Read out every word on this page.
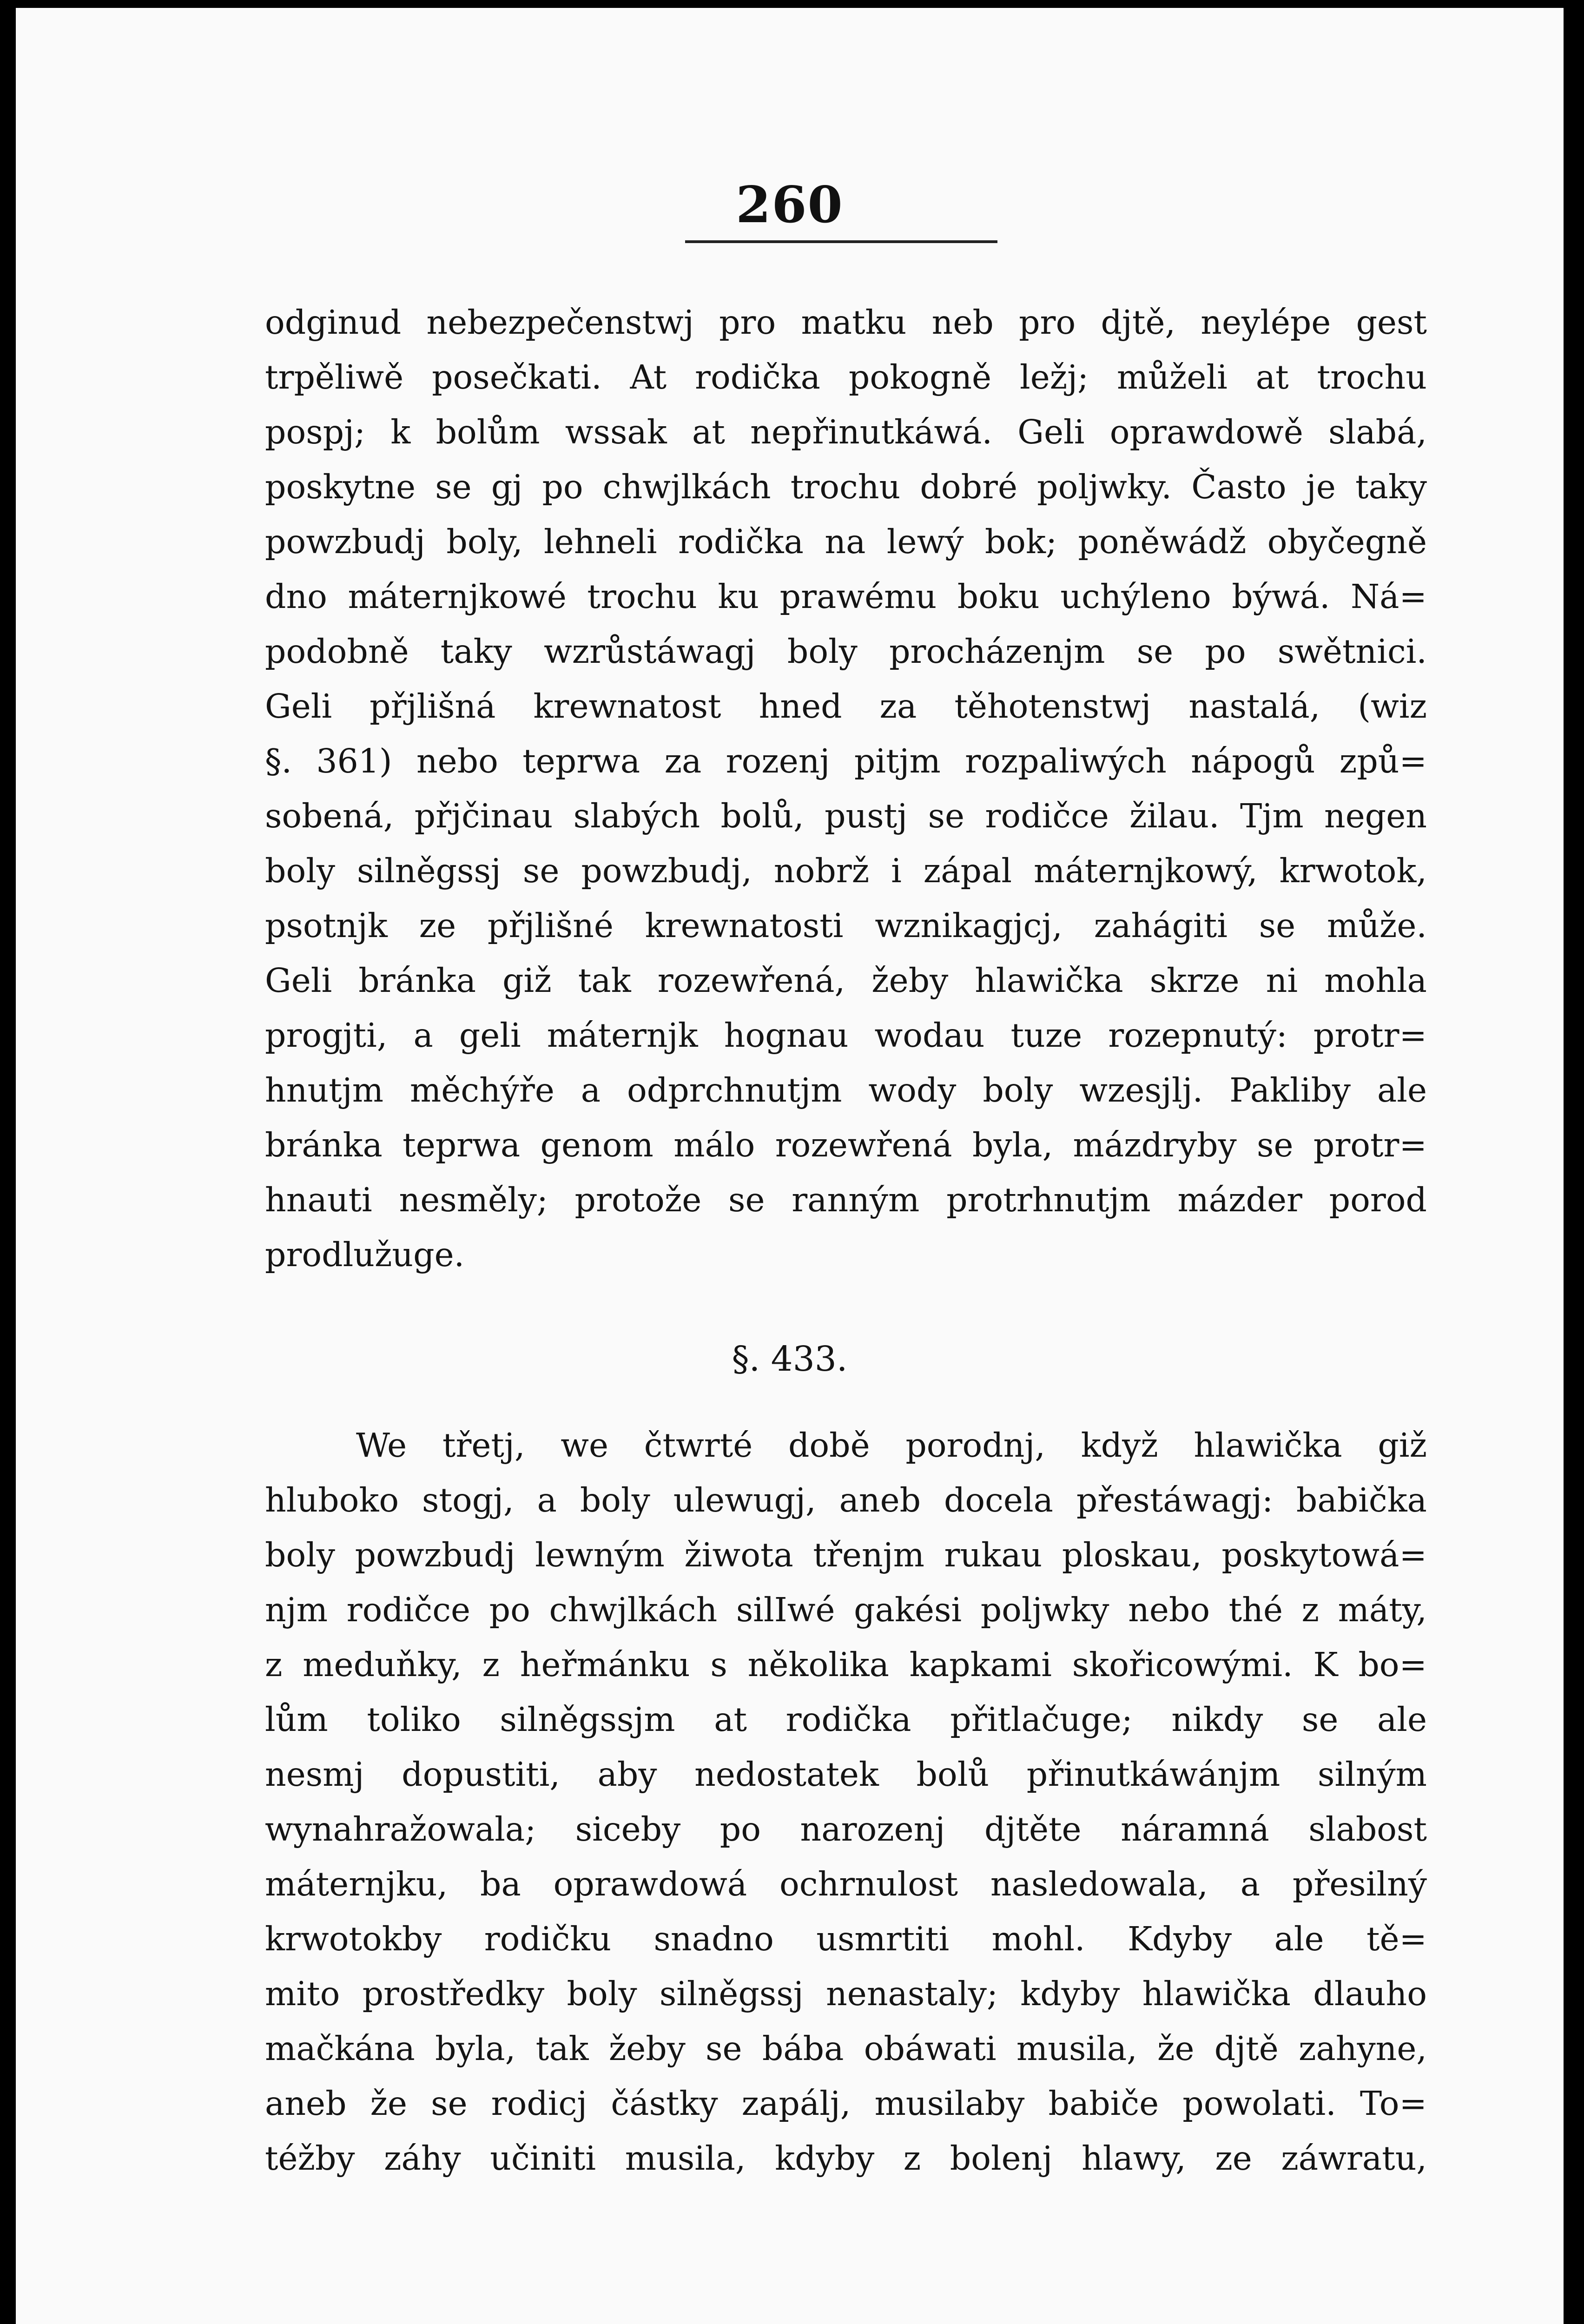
260
odginud nebezpečenstwj pro matku neb pro djtě, neylépe gest
trpěliwě posečkati. At rodička pokogně ležj; můželi at trochu
pospj; k bolům wssak at nepřinutkáwá. Geli oprawdowě slabá,
poskytne se gj po chwjlkách trochu dobré poljwky. Často je taky
powzbudj boly, lehneli rodička na lewý bok; poněwádž obyčegně
dno máternjkowé trochu ku prawému boku uchýleno býwá. Ná=
podobně taky wzrůstáwagj boly procházenjm se po swětnici.
Geli přjlišná krewnatost hned za těhotenstwj nastalá, (wiz
§. 361) nebo teprwa za rozenj pitjm rozpaliwých nápogů způ=
sobená, přjčinau slabých bolů, pustj se rodičce žilau. Tjm negen
boly silněgssj se powzbudj, nobrž i zápal máternjkowý, krwotok,
psotnjk ze přjlišné krewnatosti wznikagjcj, zahágiti se může.
Geli bránka giž tak rozewřená, žeby hlawička skrze ni mohla
progjti, a geli máternjk hognau wodau tuze rozepnutý: protr=
hnutjm měchýře a odprchnutjm wody boly wzesjlj. Pakliby ale
bránka teprwa genom málo rozewřená byla, mázdryby se protr=
hnauti nesměly; protože se ranným protrhnutjm mázder porod
prodlužuge.
§. 433.
We třetj, we čtwrté době porodnj, když hlawička giž
hluboko stogj, a boly ulewugj, aneb docela přestáwagj: babička
boly powzbudj lewným žiwota třenjm rukau ploskau, poskytowá=
njm rodičce po chwjlkách silIwé gakési poljwky nebo thé z máty,
z meduňky, z heřmánku s několika kapkami skořicowými. K bo=
lům toliko silněgssjm at rodička přitlačuge; nikdy se ale
nesmj dopustiti, aby nedostatek bolů přinutkáwánjm silným
wynahražowala; siceby po narozenj djtěte náramná slabost
máternjku, ba oprawdowá ochrnulost nasledowala, a přesilný
krwotokby rodičku snadno usmrtiti mohl. Kdyby ale tě=
mito prostředky boly silněgssj nenastaly; kdyby hlawička dlauho
mačkána byla, tak žeby se bába obáwati musila, že djtě zahyne,
aneb že se rodicj částky zapálj, musilaby babiče powolati. To=
téžby záhy učiniti musila, kdyby z bolenj hlawy, ze záwratu,
